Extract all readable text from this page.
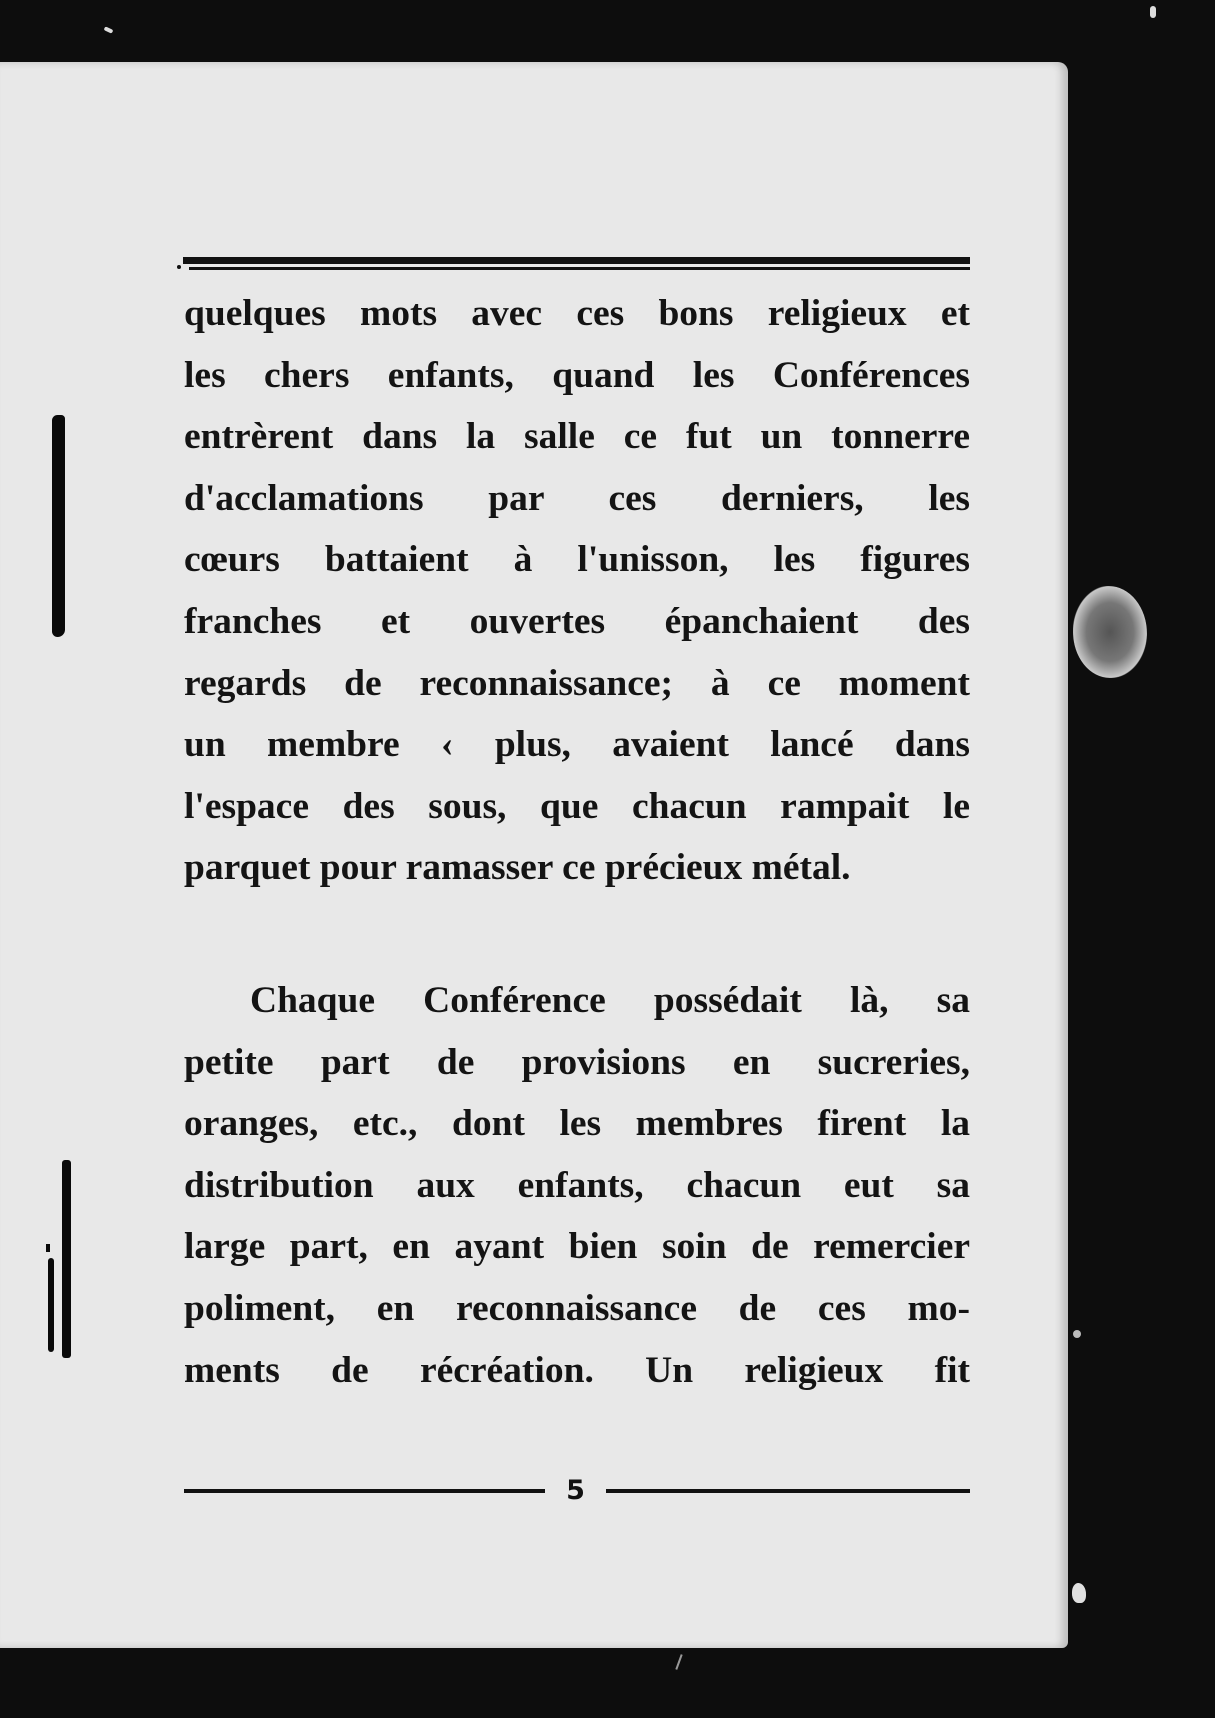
quelques mots avec ces bons religieux et
les chers enfants, quand les Conférences
entrèrent dans la salle ce fut un tonnerre
d'acclamations par ces derniers, les
cœurs battaient à l'unisson, les figures
franches et ouvertes épanchaient des
regards de reconnaissance; à ce moment
un membre ‹ plus, avaient lancé dans
l'espace des sous, que chacun rampait le
parquet pour ramasser ce précieux métal.
Chaque Conférence possédait là, sa
petite part de provisions en sucreries,
oranges, etc., dont les membres firent la
distribution aux enfants, chacun eut sa
large part, en ayant bien soin de remercier
poliment, en reconnaissance de ces mo-
ments de récréation. Un religieux fit
5
